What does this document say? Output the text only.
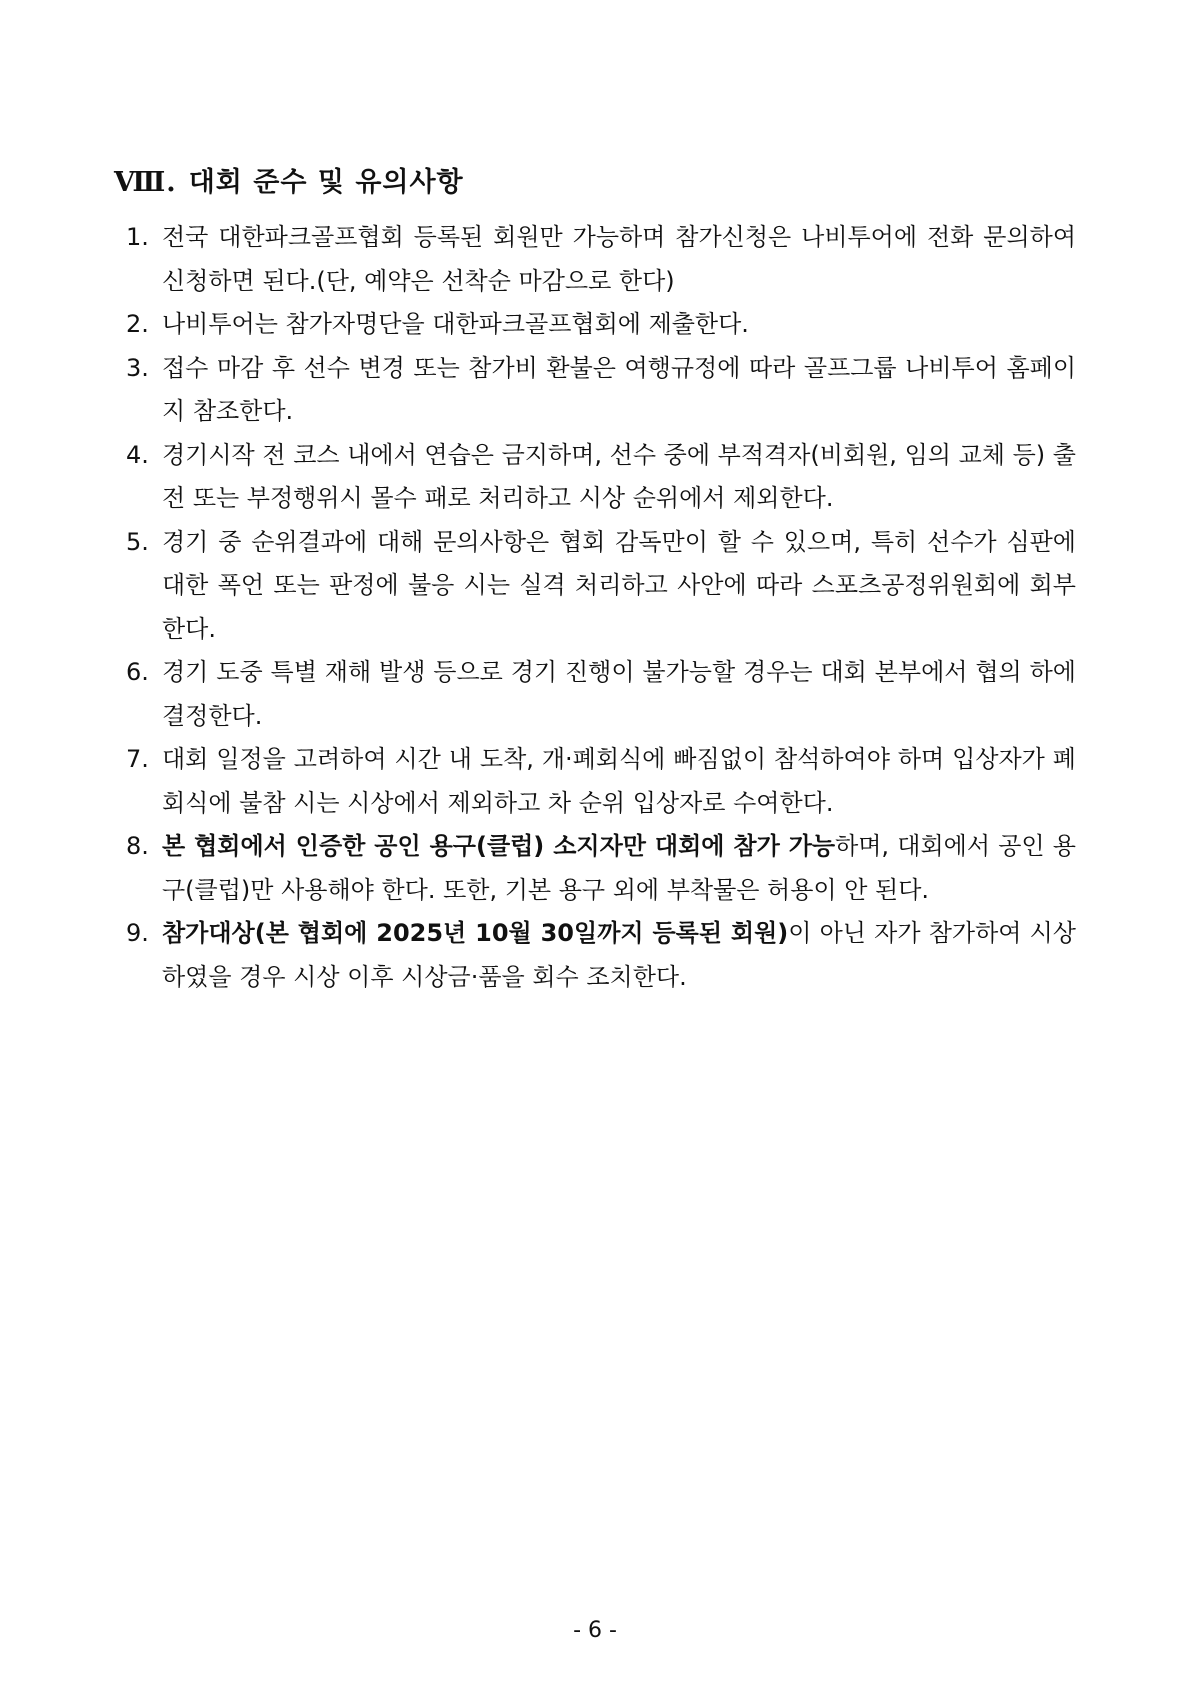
Ⅷ. 대회 준수 및 유의사항
1. 전국 대한파크골프협회 등록된 회원만 가능하며 참가신청은 나비투어에 전화 문의하여 신청하면 된다.(단, 예약은 선착순 마감으로 한다)
2. 나비투어는 참가자명단을 대한파크골프협회에 제출한다.
3. 접수 마감 후 선수 변경 또는 참가비 환불은 여행규정에 따라 골프그룹 나비투어 홈페이지 참조한다.
4. 경기시작 전 코스 내에서 연습은 금지하며, 선수 중에 부적격자(비회원, 임의 교체 등) 출전 또는 부정행위시 몰수 패로 처리하고 시상 순위에서 제외한다.
5. 경기 중 순위결과에 대해 문의사항은 협회 감독만이 할 수 있으며, 특히 선수가 심판에 대한 폭언 또는 판정에 불응 시는 실격 처리하고 사안에 따라 스포츠공정위원회에 회부한다.
6. 경기 도중 특별 재해 발생 등으로 경기 진행이 불가능할 경우는 대회 본부에서 협의 하에 결정한다.
7. 대회 일정을 고려하여 시간 내 도착, 개·폐회식에 빠짐없이 참석하여야 하며 입상자가 폐회식에 불참 시는 시상에서 제외하고 차 순위 입상자로 수여한다.
8. 본 협회에서 인증한 공인 용구(클럽) 소지자만 대회에 참가 가능하며, 대회에서 공인 용구(클럽)만 사용해야 한다. 또한, 기본 용구 외에 부착물은 허용이 안 된다.
9. 참가대상(본 협회에 2025년 10월 30일까지 등록된 회원)이 아닌 자가 참가하여 시상하였을 경우 시상 이후 시상금·품을 회수 조치한다.

- 6 -
